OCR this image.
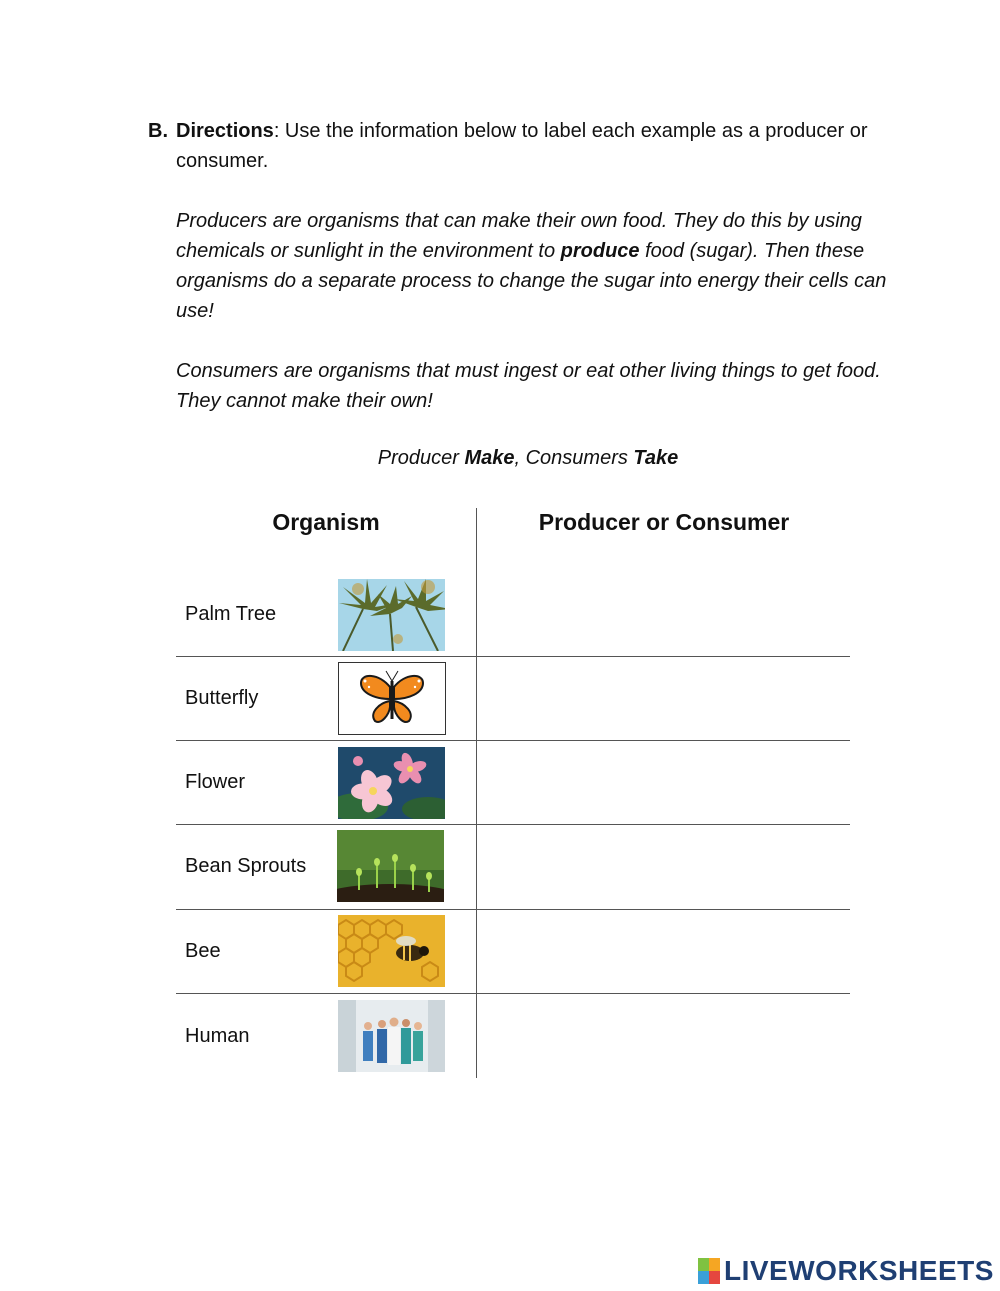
B. Directions: Use the information below to label each example as a producer or consumer.
Producers are organisms that can make their own food. They do this by using chemicals or sunlight in the environment to produce food (sugar). Then these organisms do a separate process to change the sugar into energy their cells can use!
Consumers are organisms that must ingest or eat other living things to get food. They cannot make their own!
Producer Make, Consumers Take
Organism	Producer or Consumer
Palm Tree
Butterfly
Flower
Bean Sprouts
Bee
Human
LIVEWORKSHEETS
